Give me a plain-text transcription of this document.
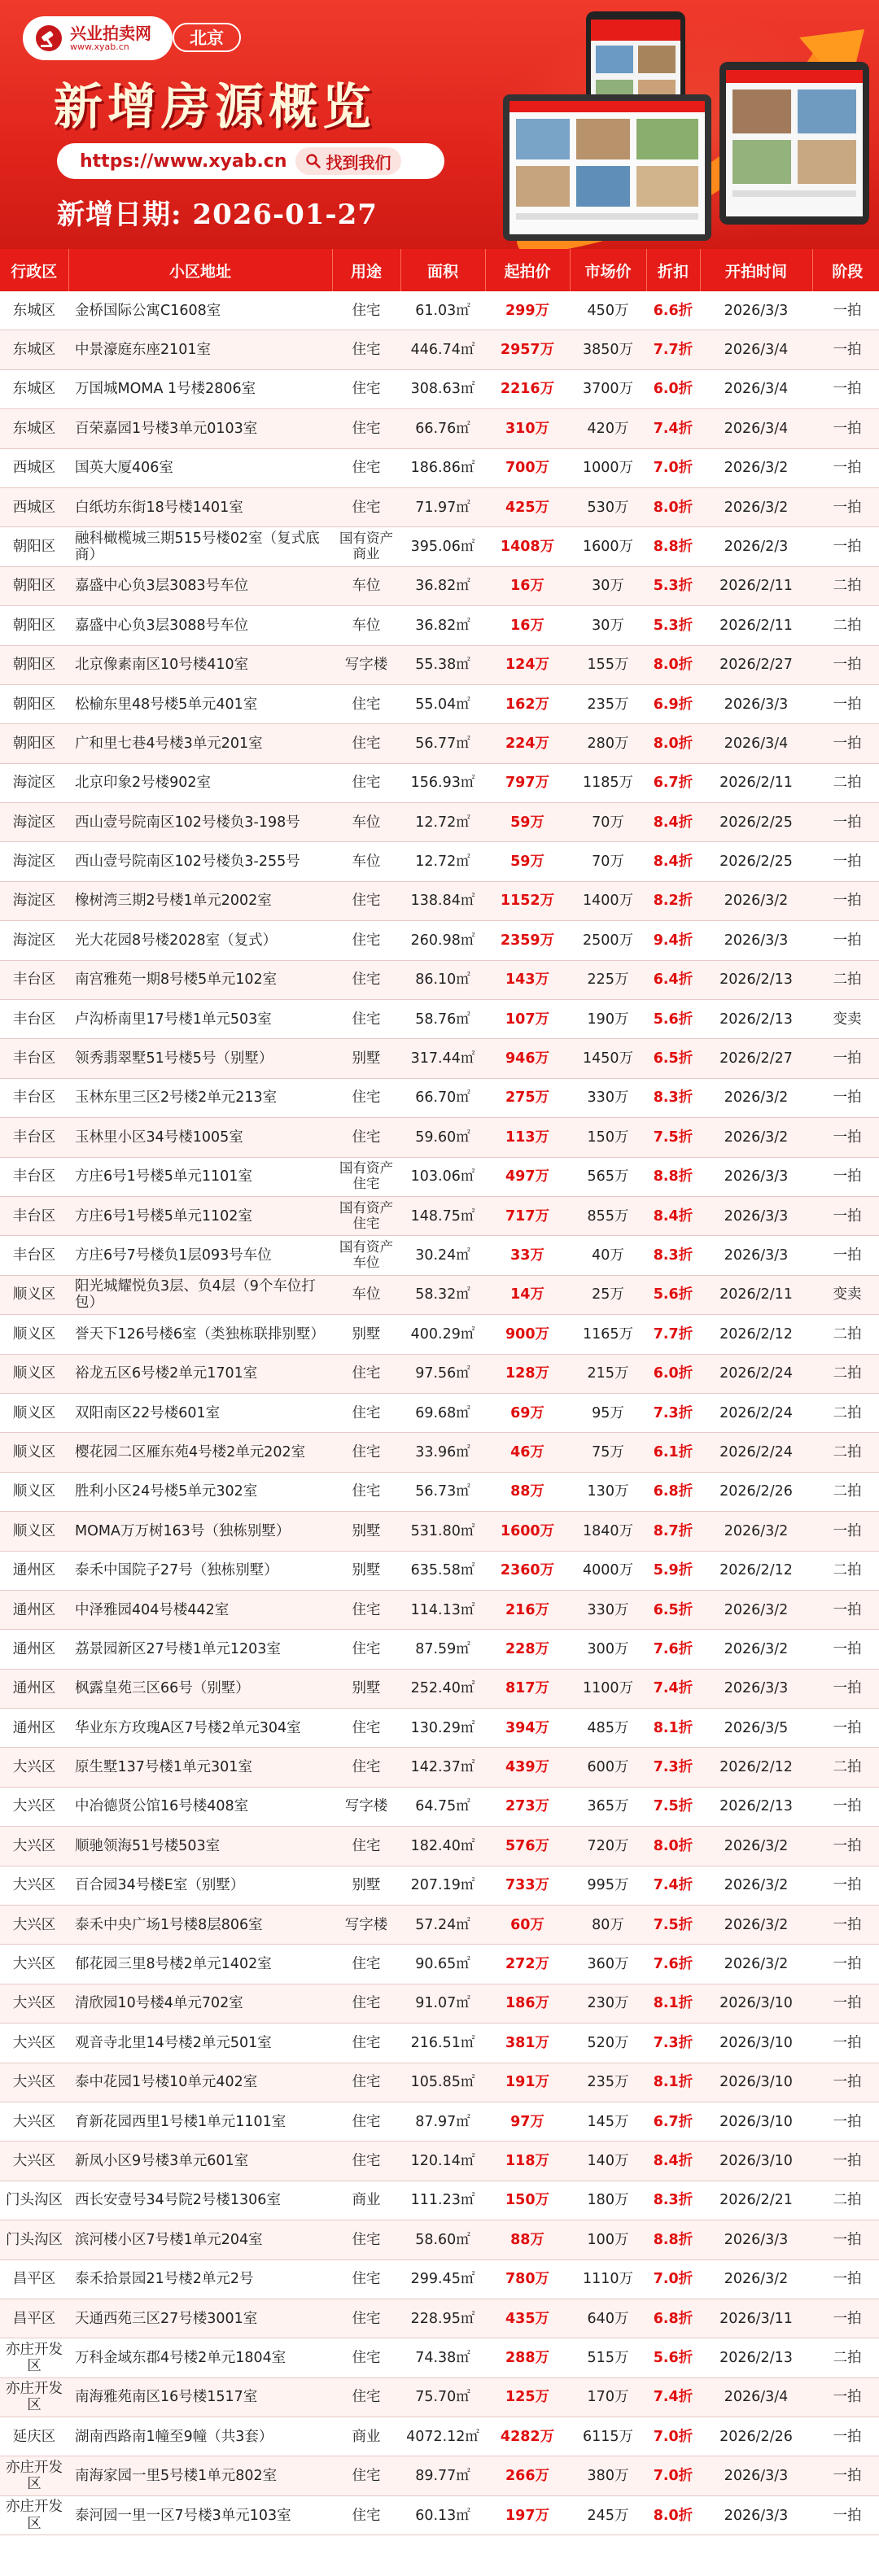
兴业拍卖网
www.xyab.cn	北京
新增房源概览
https://www.xyab.cn 找到我们
新增日期: 2026-01-27
行政区	小区地址	用途	面积	起拍价	市场价	折扣	开拍时间	阶段
东城区	金桥国际公寓C1608室	住宅	61.03㎡	299万	450万	6.6折	2026/3/3	一拍
东城区	中景濠庭东座2101室	住宅	446.74㎡	2957万	3850万	7.7折	2026/3/4	一拍
东城区	万国城MOMA 1号楼2806室	住宅	308.63㎡	2216万	3700万	6.0折	2026/3/4	一拍
东城区	百荣嘉园1号楼3单元0103室	住宅	66.76㎡	310万	420万	7.4折	2026/3/4	一拍
西城区	国英大厦406室	住宅	186.86㎡	700万	1000万	7.0折	2026/3/2	一拍
西城区	白纸坊东街18号楼1401室	住宅	71.97㎡	425万	530万	8.0折	2026/3/2	一拍
朝阳区	融科橄榄城三期515号楼02室（复式底商）	国有资产商业	395.06㎡	1408万	1600万	8.8折	2026/2/3	一拍
朝阳区	嘉盛中心负3层3083号车位	车位	36.82㎡	16万	30万	5.3折	2026/2/11	二拍
朝阳区	嘉盛中心负3层3088号车位	车位	36.82㎡	16万	30万	5.3折	2026/2/11	二拍
朝阳区	北京像素南区10号楼410室	写字楼	55.38㎡	124万	155万	8.0折	2026/2/27	一拍
朝阳区	松榆东里48号楼5单元401室	住宅	55.04㎡	162万	235万	6.9折	2026/3/3	一拍
朝阳区	广和里七巷4号楼3单元201室	住宅	56.77㎡	224万	280万	8.0折	2026/3/4	一拍
海淀区	北京印象2号楼902室	住宅	156.93㎡	797万	1185万	6.7折	2026/2/11	二拍
海淀区	西山壹号院南区102号楼负3-198号	车位	12.72㎡	59万	70万	8.4折	2026/2/25	一拍
海淀区	西山壹号院南区102号楼负3-255号	车位	12.72㎡	59万	70万	8.4折	2026/2/25	一拍
海淀区	橡树湾三期2号楼1单元2002室	住宅	138.84㎡	1152万	1400万	8.2折	2026/3/2	一拍
海淀区	光大花园8号楼2028室（复式）	住宅	260.98㎡	2359万	2500万	9.4折	2026/3/3	一拍
丰台区	南宫雅苑一期8号楼5单元102室	住宅	86.10㎡	143万	225万	6.4折	2026/2/13	二拍
丰台区	卢沟桥南里17号楼1单元503室	住宅	58.76㎡	107万	190万	5.6折	2026/2/13	变卖
丰台区	领秀翡翠墅51号楼5号（别墅）	别墅	317.44㎡	946万	1450万	6.5折	2026/2/27	一拍
丰台区	玉林东里三区2号楼2单元213室	住宅	66.70㎡	275万	330万	8.3折	2026/3/2	一拍
丰台区	玉林里小区34号楼1005室	住宅	59.60㎡	113万	150万	7.5折	2026/3/2	一拍
丰台区	方庄6号1号楼5单元1101室	国有资产住宅	103.06㎡	497万	565万	8.8折	2026/3/3	一拍
丰台区	方庄6号1号楼5单元1102室	国有资产住宅	148.75㎡	717万	855万	8.4折	2026/3/3	一拍
丰台区	方庄6号7号楼负1层093号车位	国有资产车位	30.24㎡	33万	40万	8.3折	2026/3/3	一拍
顺义区	阳光城耀悦负3层、负4层（9个车位打包）	车位	58.32㎡	14万	25万	5.6折	2026/2/11	变卖
顺义区	誉天下126号楼6室（类独栋联排别墅）	别墅	400.29㎡	900万	1165万	7.7折	2026/2/12	二拍
顺义区	裕龙五区6号楼2单元1701室	住宅	97.56㎡	128万	215万	6.0折	2026/2/24	二拍
顺义区	双阳南区22号楼601室	住宅	69.68㎡	69万	95万	7.3折	2026/2/24	二拍
顺义区	樱花园二区雁东苑4号楼2单元202室	住宅	33.96㎡	46万	75万	6.1折	2026/2/24	二拍
顺义区	胜利小区24号楼5单元302室	住宅	56.73㎡	88万	130万	6.8折	2026/2/26	二拍
顺义区	MOMA万万树163号（独栋别墅）	别墅	531.80㎡	1600万	1840万	8.7折	2026/3/2	一拍
通州区	泰禾中国院子27号（独栋别墅）	别墅	635.58㎡	2360万	4000万	5.9折	2026/2/12	二拍
通州区	中泽雅园404号楼442室	住宅	114.13㎡	216万	330万	6.5折	2026/3/2	一拍
通州区	荔景园新区27号楼1单元1203室	住宅	87.59㎡	228万	300万	7.6折	2026/3/2	一拍
通州区	枫露皇苑三区66号（别墅）	别墅	252.40㎡	817万	1100万	7.4折	2026/3/3	一拍
通州区	华业东方玫瑰A区7号楼2单元304室	住宅	130.29㎡	394万	485万	8.1折	2026/3/5	一拍
大兴区	原生墅137号楼1单元301室	住宅	142.37㎡	439万	600万	7.3折	2026/2/12	二拍
大兴区	中冶德贤公馆16号楼408室	写字楼	64.75㎡	273万	365万	7.5折	2026/2/13	一拍
大兴区	顺驰领海51号楼503室	住宅	182.40㎡	576万	720万	8.0折	2026/3/2	一拍
大兴区	百合园34号楼E室（别墅）	别墅	207.19㎡	733万	995万	7.4折	2026/3/2	一拍
大兴区	泰禾中央广场1号楼8层806室	写字楼	57.24㎡	60万	80万	7.5折	2026/3/2	一拍
大兴区	郁花园三里8号楼2单元1402室	住宅	90.65㎡	272万	360万	7.6折	2026/3/2	一拍
大兴区	清欣园10号楼4单元702室	住宅	91.07㎡	186万	230万	8.1折	2026/3/10	一拍
大兴区	观音寺北里14号楼2单元501室	住宅	216.51㎡	381万	520万	7.3折	2026/3/10	一拍
大兴区	泰中花园1号楼10单元402室	住宅	105.85㎡	191万	235万	8.1折	2026/3/10	一拍
大兴区	育新花园西里1号楼1单元1101室	住宅	87.97㎡	97万	145万	6.7折	2026/3/10	一拍
大兴区	新凤小区9号楼3单元601室	住宅	120.14㎡	118万	140万	8.4折	2026/3/10	一拍
门头沟区	西长安壹号34号院2号楼1306室	商业	111.23㎡	150万	180万	8.3折	2026/2/21	二拍
门头沟区	滨河楼小区7号楼1单元204室	住宅	58.60㎡	88万	100万	8.8折	2026/3/3	一拍
昌平区	泰禾拾景园21号楼2单元2号	住宅	299.45㎡	780万	1110万	7.0折	2026/3/2	一拍
昌平区	天通西苑三区27号楼3001室	住宅	228.95㎡	435万	640万	6.8折	2026/3/11	一拍
亦庄开发区	万科金域东郡4号楼2单元1804室	住宅	74.38㎡	288万	515万	5.6折	2026/2/13	二拍
亦庄开发区	南海雅苑南区16号楼1517室	住宅	75.70㎡	125万	170万	7.4折	2026/3/4	一拍
延庆区	湖南西路南1幢至9幢（共3套）	商业	4072.12㎡	4282万	6115万	7.0折	2026/2/26	一拍
亦庄开发区	南海家园一里5号楼1单元802室	住宅	89.77㎡	266万	380万	7.0折	2026/3/3	一拍
亦庄开发区	泰河园一里一区7号楼3单元103室	住宅	60.13㎡	197万	245万	8.0折	2026/3/3	一拍
